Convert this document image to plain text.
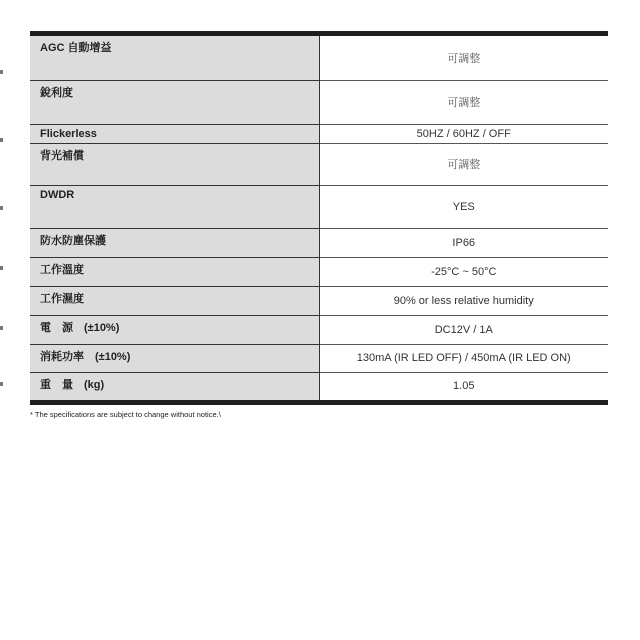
AGC 自動增益	可調整
銳利度	可調整
Flickerless	50HZ / 60HZ / OFF
背光補償	可調整
DWDR	YES
防水防塵保護	IP66
工作溫度	-25°C ~ 50°C
工作濕度	90% or less relative humidity
電　源　(±10%)	DC12V / 1A
消耗功率　(±10%)	130mA (IR LED OFF) / 450mA (IR LED ON)
重　量　(kg)	1.05

* The specifications are subject to change without notice.\
